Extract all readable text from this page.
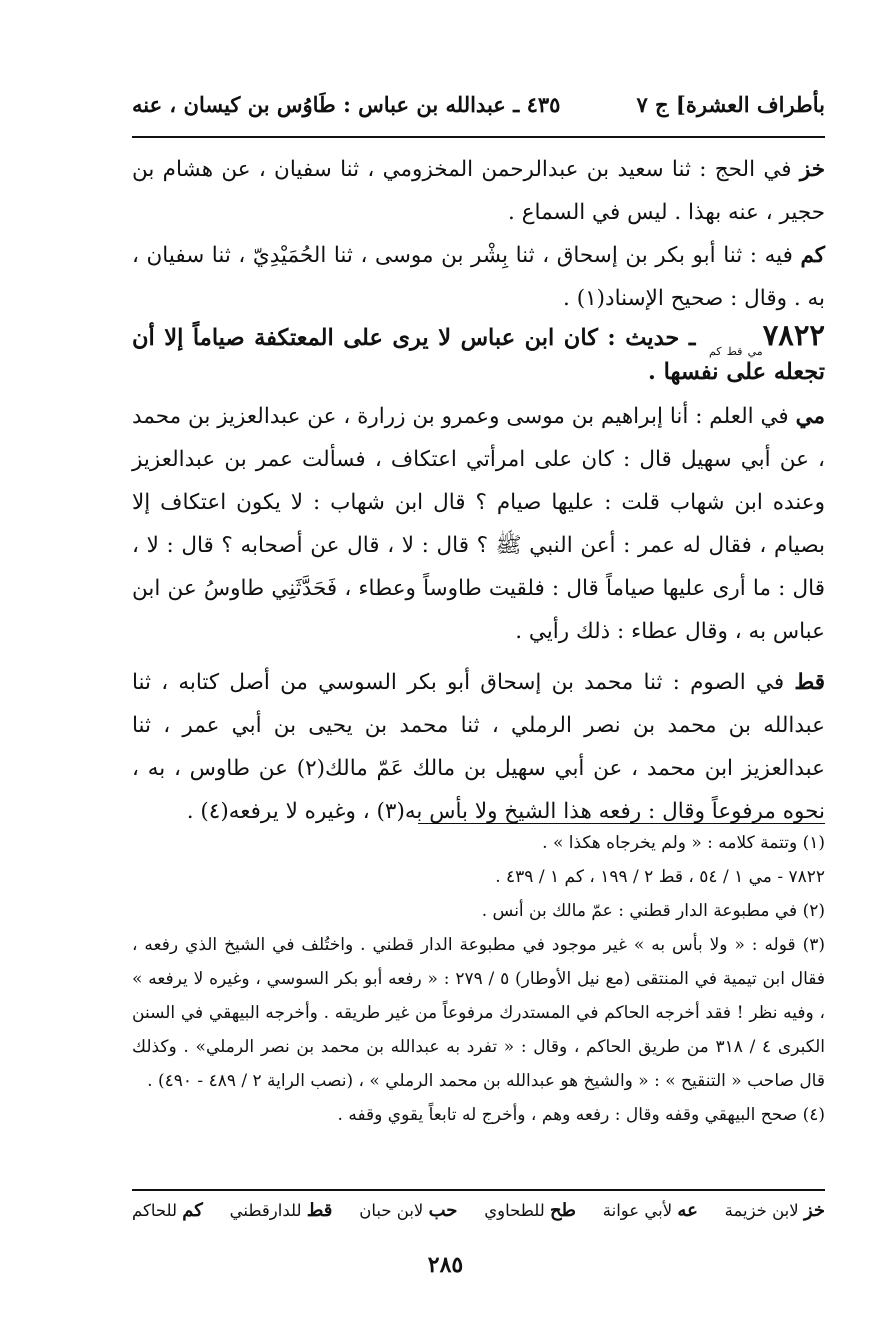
بأطراف العشرة] ج ٧
٤٣٥ ـ عبدالله بن عباس : طَاوُس بن كيسان ، عنه

خز في الحج : ثنا سعيد بن عبدالرحمن المخزومي ، ثنا سفيان ، عن هشام بن حجير ، عنه بهذا . ليس في السماع .

كم فيه : ثنا أبو بكر بن إسحاق ، ثنا بِشْر بن موسى ، ثنا الحُمَيْدِيّ ، ثنا سفيان ، به . وقال : صحيح الإسناد(١) .

$٧٨٢٢_{مي قط كم}$ ـ حديث : كان ابن عباس لا يرى على المعتكفة صياماً إلا أن تجعله على نفسها .

مي في العلم : أنا إبراهيم بن موسى وعمرو بن زرارة ، عن عبدالعزيز بن محمد ، عن أبي سهيل قال : كان على امرأتي اعتكاف ، فسألت عمر بن عبدالعزيز وعنده ابن شهاب قلت : عليها صيام ؟ قال ابن شهاب : لا يكون اعتكاف إلا بصيام ، فقال له عمر : أعن النبي ﷺ ؟ قال : لا ، قال عن أصحابه ؟ قال : لا ، قال : ما أرى عليها صياماً قال : فلقيت طاوساً وعطاء ، فَحَدَّثَنِي طاوسُ عن ابن عباس به ، وقال عطاء : ذلك رأيي .

قط في الصوم : ثنا محمد بن إسحاق أبو بكر السوسي من أصل كتابه ، ثنا عبدالله بن محمد بن نصر الرملي ، ثنا محمد بن يحيى بن أبي عمر ، ثنا عبدالعزيز ابن محمد ، عن أبي سهيل بن مالك عَمّ مالك(٢) عن طاوس ، به ، نحوه مرفوعاً وقال : رفعه هذا الشيخ ولا بأس به(٣) ، وغيره لا يرفعه(٤) .

(١) وتتمة كلامه : « ولم يخرجاه هكذا » .

٧٨٢٢ - مي ١ / ٥٤ ، قط ٢ / ١٩٩ ، كم ١ / ٤٣٩ .

(٢) في مطبوعة الدار قطني : عمّ مالك بن أنس .

(٣) قوله : « ولا بأس به » غير موجود في مطبوعة الدار قطني . واختُلف في الشيخ الذي رفعه ، فقال ابن تيمية في المنتقى (مع نيل الأوطار) ٥ / ٢٧٩ : « رفعه أبو بكر السوسي ، وغيره لا يرفعه » ، وفيه نظر ! فقد أخرجه الحاكم في المستدرك مرفوعاً من غير طريقه . وأخرجه البيهقي في السنن الكبرى ٤ / ٣١٨ من طريق الحاكم ، وقال : « تفرد به عبدالله بن محمد بن نصر الرملي» . وكذلك قال صاحب « التنقيح » : « والشيخ هو عبدالله بن محمد الرملي » ، (نصب الراية ٢ / ٤٨٩ - ٤٩٠) .

(٤) صحح البيهقي وقفه وقال : رفعه وهم ، وأخرج له تابعاً يقوي وقفه .

خز لابن خزيمة
عه لأبي عوانة
طح للطحاوي
حب لابن حبان
قط للدارقطني
كم للحاكم
٢٨٥
